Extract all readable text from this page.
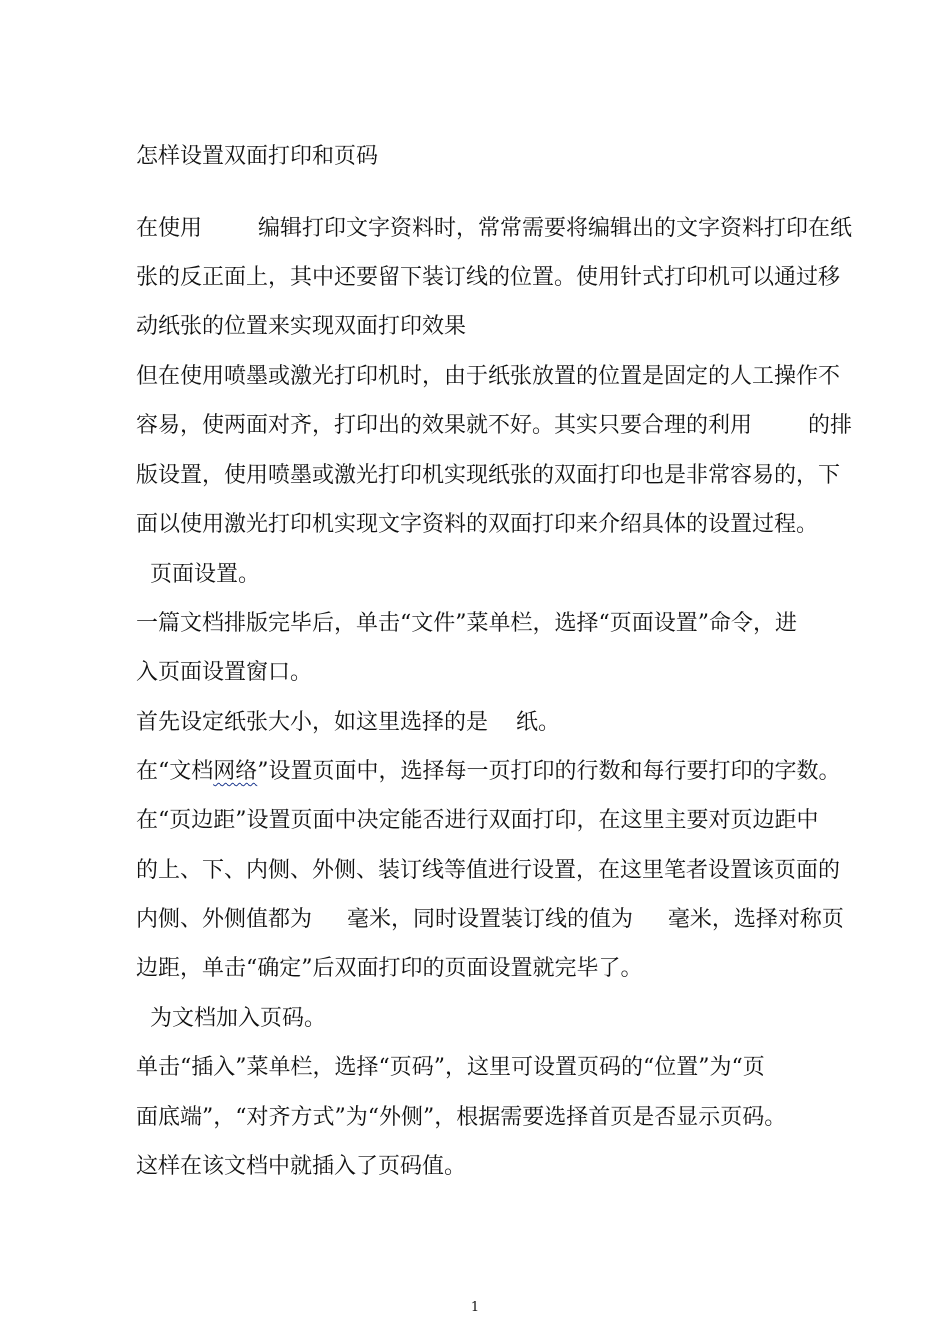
怎样设置双面打印和页码

在使用        编辑打印文字资料时，常常需要将编辑出的文字资料打印在纸

张的反正面上，其中还要留下装订线的位置。使用针式打印机可以通过移

动纸张的位置来实现双面打印效果

但在使用喷墨或激光打印机时，由于纸张放置的位置是固定的人工操作不

容易，使两面对齐，打印出的效果就不好。其实只要合理的利用        的排

版设置，使用喷墨或激光打印机实现纸张的双面打印也是非常容易的，下

面以使用激光打印机实现文字资料的双面打印来介绍具体的设置过程。

页面设置。

一篇文档排版完毕后，单击“文件”菜单栏，选择“页面设置”命令，进

入页面设置窗口。

首先设定纸张大小，如这里选择的是    纸。

在“文档网络”设置页面中，选择每一页打印的行数和每行要打印的字数。

在“页边距”设置页面中决定能否进行双面打印，在这里主要对页边距中

的上、下、内侧、外侧、装订线等值进行设置，在这里笔者设置该页面的

内侧、外侧值都为     毫米，同时设置装订线的值为     毫米，选择对称页

边距，单击“确定”后双面打印的页面设置就完毕了。

为文档加入页码。

单击“插入”菜单栏，选择“页码”，这里可设置页码的“位置”为“页

面底端”，“对齐方式”为“外侧”，根据需要选择首页是否显示页码。

这样在该文档中就插入了页码值。

1
